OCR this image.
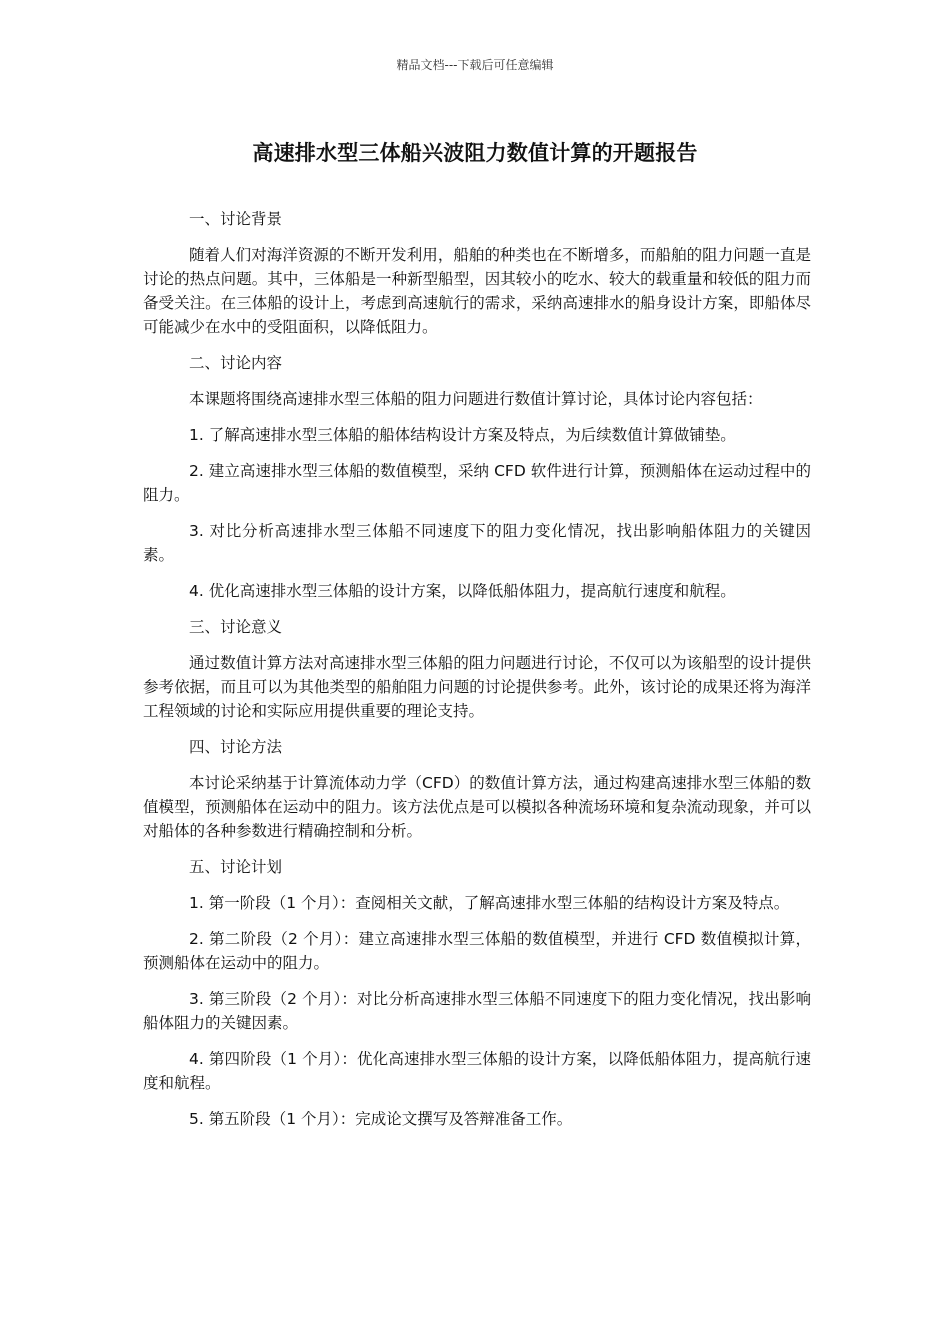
精品文档---下载后可任意编辑
高速排水型三体船兴波阻力数值计算的开题报告

一、讨论背景

随着人们对海洋资源的不断开发利用，船舶的种类也在不断增多，而船舶的阻力问题一直是讨论的热点问题。其中，三体船是一种新型船型，因其较小的吃水、较大的载重量和较低的阻力而备受关注。在三体船的设计上，考虑到高速航行的需求，采纳高速排水的船身设计方案，即船体尽可能减少在水中的受阻面积，以降低阻力。

二、讨论内容

本课题将围绕高速排水型三体船的阻力问题进行数值计算讨论，具体讨论内容包括：

1. 了解高速排水型三体船的船体结构设计方案及特点，为后续数值计算做铺垫。

2. 建立高速排水型三体船的数值模型，采纳 CFD 软件进行计算，预测船体在运动过程中的阻力。

3. 对比分析高速排水型三体船不同速度下的阻力变化情况，找出影响船体阻力的关键因素。

4. 优化高速排水型三体船的设计方案，以降低船体阻力，提高航行速度和航程。

三、讨论意义

通过数值计算方法对高速排水型三体船的阻力问题进行讨论，不仅可以为该船型的设计提供参考依据，而且可以为其他类型的船舶阻力问题的讨论提供参考。此外，该讨论的成果还将为海洋工程领域的讨论和实际应用提供重要的理论支持。

四、讨论方法

本讨论采纳基于计算流体动力学（CFD）的数值计算方法，通过构建高速排水型三体船的数值模型，预测船体在运动中的阻力。该方法优点是可以模拟各种流场环境和复杂流动现象，并可以对船体的各种参数进行精确控制和分析。

五、讨论计划

1. 第一阶段（1 个月）：查阅相关文献，了解高速排水型三体船的结构设计方案及特点。

2. 第二阶段（2 个月）：建立高速排水型三体船的数值模型，并进行 CFD 数值模拟计算，预测船体在运动中的阻力。

3. 第三阶段（2 个月）：对比分析高速排水型三体船不同速度下的阻力变化情况，找出影响船体阻力的关键因素。

4. 第四阶段（1 个月）：优化高速排水型三体船的设计方案，以降低船体阻力，提高航行速度和航程。

5. 第五阶段（1 个月）：完成论文撰写及答辩准备工作。
